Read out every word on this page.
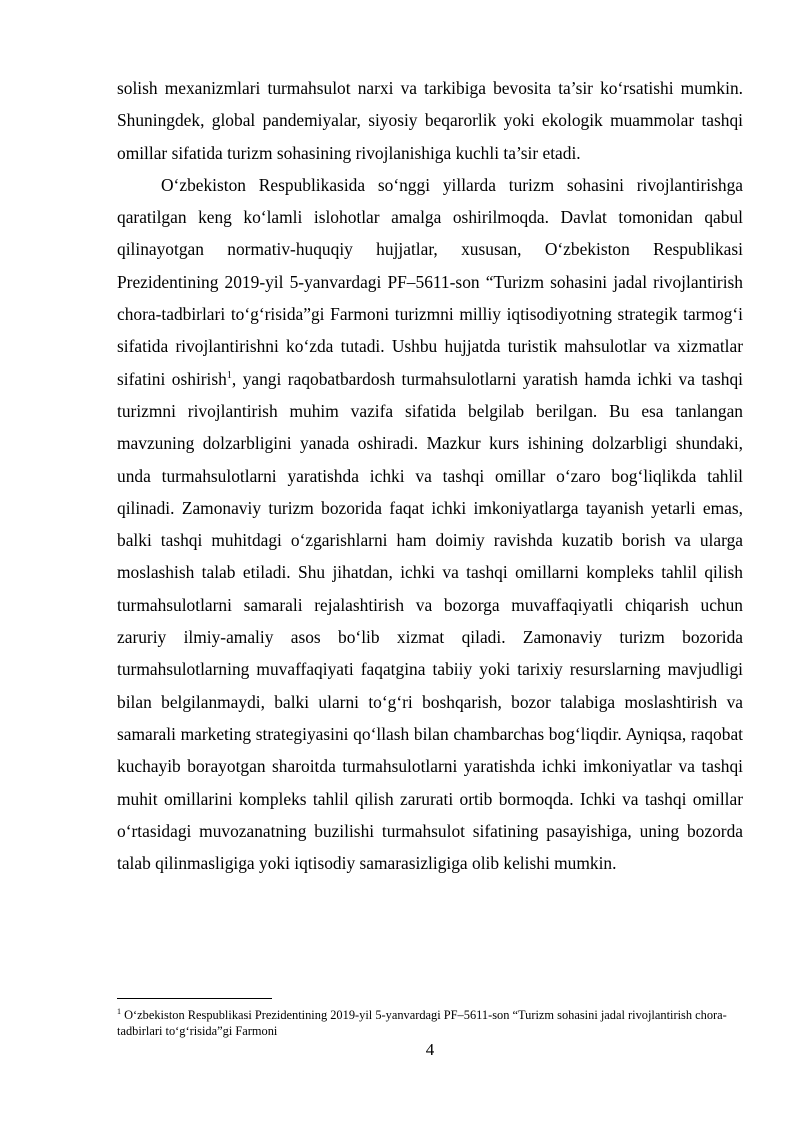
solish mexanizmlari turmahsulot narxi va tarkibiga bevosita ta’sir ko‘rsatishi mumkin. Shuningdek, global pandemiyalar, siyosiy beqarorlik yoki ekologik muammolar tashqi omillar sifatida turizm sohasining rivojlanishiga kuchli ta’sir etadi.

O‘zbekiston Respublikasida so‘nggi yillarda turizm sohasini rivojlantirishga qaratilgan keng ko‘lamli islohotlar amalga oshirilmoqda. Davlat tomonidan qabul qilinayotgan normativ-huquqiy hujjatlar, xususan, O‘zbekiston Respublikasi Prezidentining 2019-yil 5-yanvardagi PF–5611-son “Turizm sohasini jadal rivojlantirish chora-tadbirlari to‘g‘risida”gi Farmoni turizmni milliy iqtisodiyotning strategik tarmog‘i sifatida rivojlantirishni ko‘zda tutadi. Ushbu hujjatda turistik mahsulotlar va xizmatlar sifatini oshirish$^1$, yangi raqobatbardosh turmahsulotlarni yaratish hamda ichki va tashqi turizmni rivojlantirish muhim vazifa sifatida belgilab berilgan. Bu esa tanlangan mavzuning dolzarbligini yanada oshiradi. Mazkur kurs ishining dolzarbligi shundaki, unda turmahsulotlarni yaratishda ichki va tashqi omillar o‘zaro bog‘liqlikda tahlil qilinadi. Zamonaviy turizm bozorida faqat ichki imkoniyatlarga tayanish yetarli emas, balki tashqi muhitdagi o‘zgarishlarni ham doimiy ravishda kuzatib borish va ularga moslashish talab etiladi. Shu jihatdan, ichki va tashqi omillarni kompleks tahlil qilish turmahsulotlarni samarali rejalashtirish va bozorga muvaffaqiyatli chiqarish uchun zaruriy ilmiy-amaliy asos bo‘lib xizmat qiladi. Zamonaviy turizm bozorida turmahsulotlarning muvaffaqiyati faqatgina tabiiy yoki tarixiy resurslarning mavjudligi bilan belgilanmaydi, balki ularni to‘g‘ri boshqarish, bozor talabiga moslashtirish va samarali marketing strategiyasini qo‘llash bilan chambarchas bog‘liqdir. Ayniqsa, raqobat kuchayib borayotgan sharoitda turmahsulotlarni yaratishda ichki imkoniyatlar va tashqi muhit omillarini kompleks tahlil qilish zarurati ortib bormoqda. Ichki va tashqi omillar o‘rtasidagi muvozanatning buzilishi turmahsulot sifatining pasayishiga, uning bozorda talab qilinmasligiga yoki iqtisodiy samarasizligiga olib kelishi mumkin.

$^1$ O‘zbekiston Respublikasi Prezidentining 2019-yil 5-yanvardagi PF–5611-son “Turizm sohasini jadal rivojlantirish chora-tadbirlari to‘g‘risida”gi Farmoni
4
